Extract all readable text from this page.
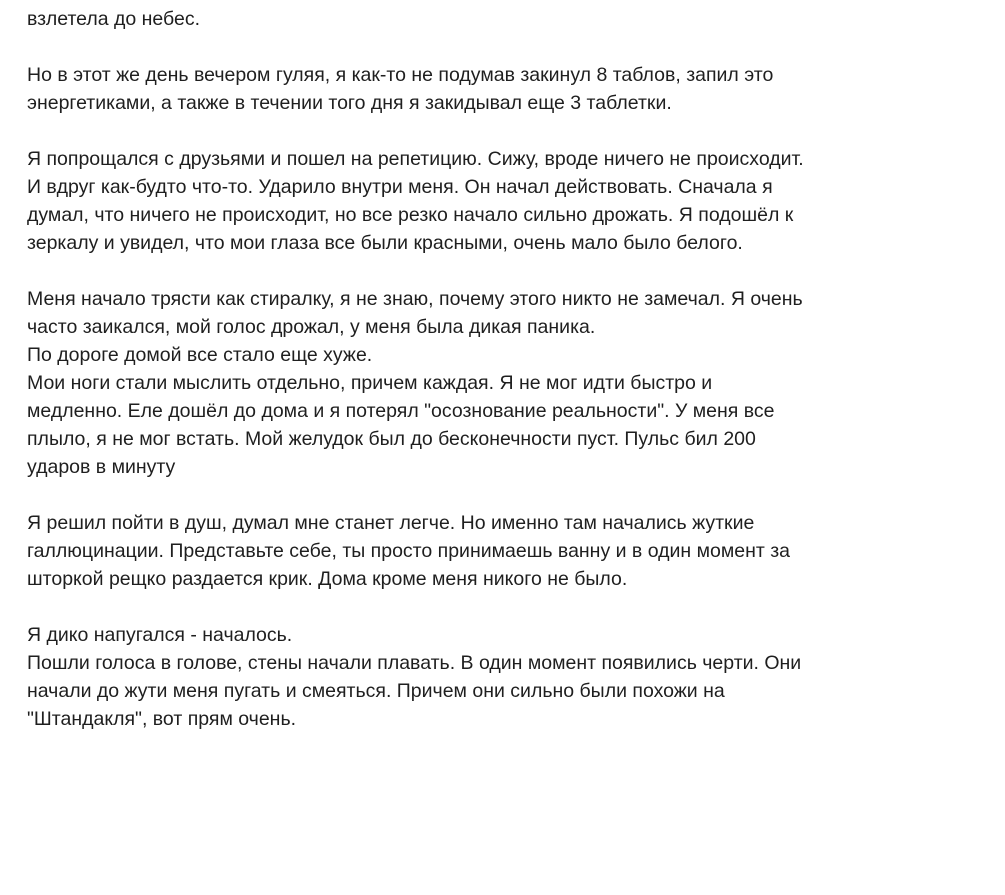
взлетела до небес.

Но в этот же день вечером гуляя, я как-то не подумав закинул 8 таблов, запил это
энергетиками, а также в течении того дня я закидывал еще 3 таблетки.

Я попрощался с друзьями и пошел на репетицию. Сижу, вроде ничего не происходит.
И вдруг как-будто что-то. Ударило внутри меня. Он начал действовать. Сначала я
думал, что ничего не происходит, но все резко начало сильно дрожать. Я подошёл к
зеркалу и увидел, что мои глаза все были красными, очень мало было белого.

Меня начало трясти как стиралку, я не знаю, почему этого никто не замечал. Я очень
часто заикался, мой голос дрожал, у меня была дикая паника.
По дороге домой все стало еще хуже.
Мои ноги стали мыслить отдельно, причем каждая. Я не мог идти быстро и
медленно. Еле дошёл до дома и я потерял "осознование реальности". У меня все
плыло, я не мог встать. Мой желудок был до бесконечности пуст. Пульс бил 200
ударов в минуту

Я решил пойти в душ, думал мне станет легче. Но именно там начались жуткие
галлюцинации. Представьте себе, ты просто принимаешь ванну и в один момент за
шторкой рещко раздается крик. Дома кроме меня никого не было.

Я дико напугался - началось.
Пошли голоса в голове, стены начали плавать. В один момент появились черти. Они
начали до жути меня пугать и смеяться. Причем они сильно были похожи на
"Штандакля", вот прям очень.
